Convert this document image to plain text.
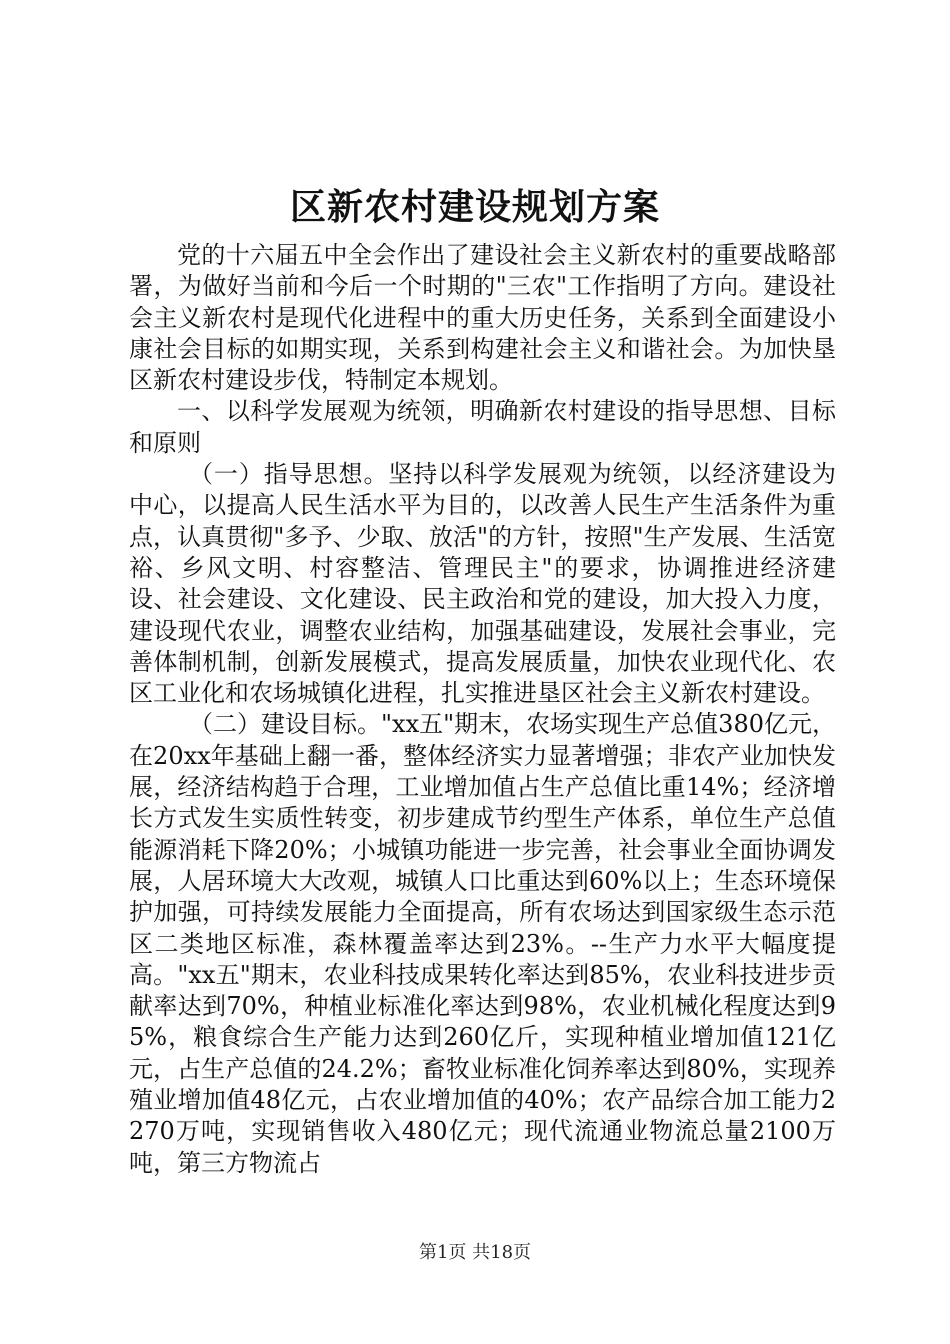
区新农村建设规划方案

党的十六届五中全会作出了建设社会主义新农村的重要战略部署，为做好当前和今后一个时期的"三农"工作指明了方向。建设社会主义新农村是现代化进程中的重大历史任务，关系到全面建设小康社会目标的如期实现，关系到构建社会主义和谐社会。为加快垦区新农村建设步伐，特制定本规划。

一、以科学发展观为统领，明确新农村建设的指导思想、目标和原则

（一）指导思想。坚持以科学发展观为统领，以经济建设为中心，以提高人民生活水平为目的，以改善人民生产生活条件为重点，认真贯彻"多予、少取、放活"的方针，按照"生产发展、生活宽裕、乡风文明、村容整洁、管理民主"的要求，协调推进经济建设、社会建设、文化建设、民主政治和党的建设，加大投入力度，建设现代农业，调整农业结构，加强基础建设，发展社会事业，完善体制机制，创新发展模式，提高发展质量，加快农业现代化、农区工业化和农场城镇化进程，扎实推进垦区社会主义新农村建设。

（二）建设目标。"xx五"期末，农场实现生产总值380亿元，在20xx年基础上翻一番，整体经济实力显著增强；非农产业加快发展，经济结构趋于合理，工业增加值占生产总值比重14%；经济增长方式发生实质性转变，初步建成节约型生产体系，单位生产总值能源消耗下降20%；小城镇功能进一步完善，社会事业全面协调发展，人居环境大大改观，城镇人口比重达到60%以上；生态环境保护加强，可持续发展能力全面提高，所有农场达到国家级生态示范区二类地区标准，森林覆盖率达到23%。--生产力水平大幅度提高。"xx五"期末，农业科技成果转化率达到85%，农业科技进步贡献率达到70%，种植业标准化率达到98%，农业机械化程度达到95%，粮食综合生产能力达到260亿斤，实现种植业增加值121亿元，占生产总值的24.2%；畜牧业标准化饲养率达到80%，实现养殖业增加值48亿元，占农业增加值的40%；农产品综合加工能力2270万吨，实现销售收入480亿元；现代流通业物流总量2100万吨，第三方物流占

第1页 共18页
